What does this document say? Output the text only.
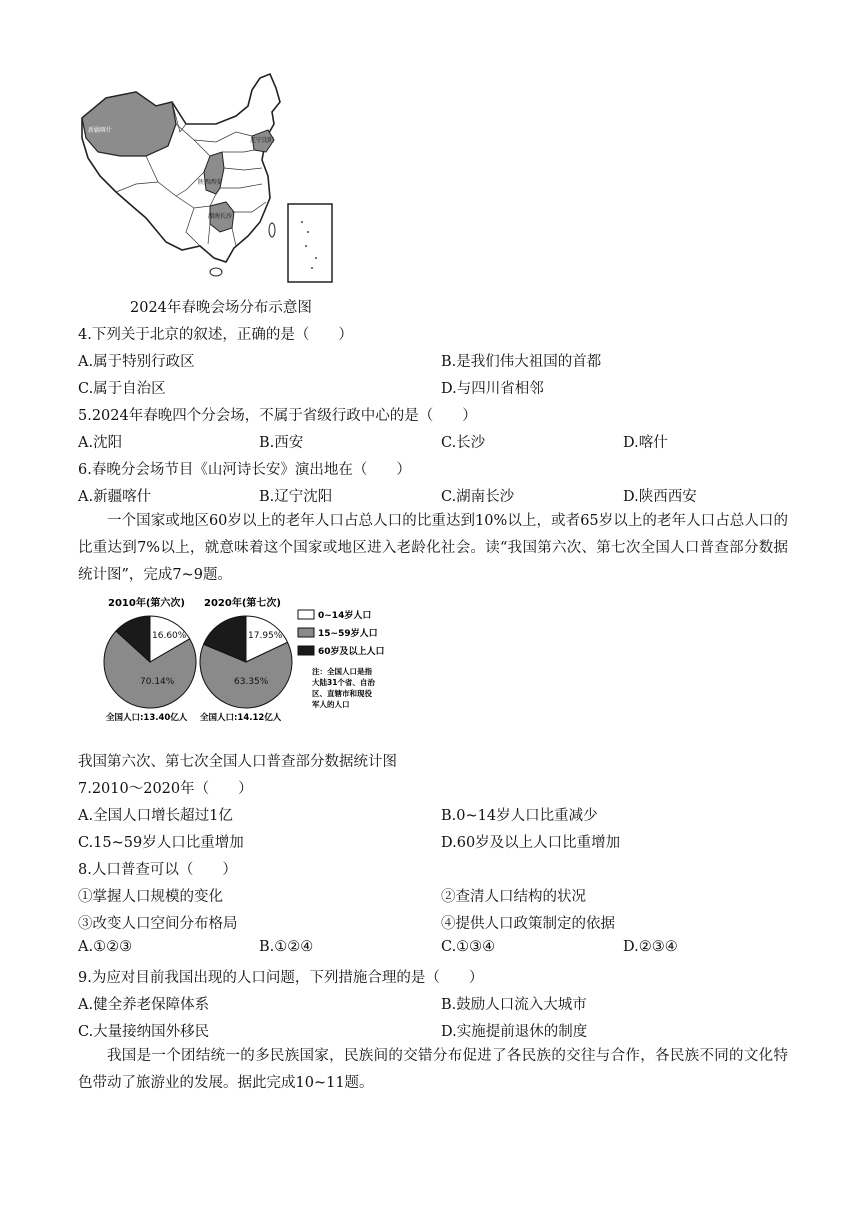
新疆喀什
辽宁沈阳
陕西西安
湖南长沙
2024年春晚会场分布示意图
4.下列关于北京的叙述，正确的是（　　）
A.属于特别行政区	B.是我们伟大祖国的首都
C.属于自治区	D.与四川省相邻
5.2024年春晚四个分会场，不属于省级行政中心的是（　　）
A.沈阳	B.西安	C.长沙	D.喀什
6.春晚分会场节目《山河诗长安》演出地在（　　）
A.新疆喀什	B.辽宁沈阳	C.湖南长沙	D.陕西西安
一个国家或地区60岁以上的老年人口占总人口的比重达到10%以上，或者65岁以上的老年人口占总人口的比重达到7%以上，就意味着这个国家或地区进入老龄化社会。读“我国第六次、第七次全国人口普查部分数据统计图”，完成7~9题。
2010年(第六次) 2020年(第七次)
16.60%
70.14%
17.95%
63.35%
0~14岁人口
15~59岁人口
60岁及以上人口
注：全国人口是指
大陆31个省、自治
区、直辖市和现役
军人的人口
全国人口:13.40亿人 全国人口:14.12亿人
我国第六次、第七次全国人口普查部分数据统计图
7.2010～2020年（　　）
A.全国人口增长超过1亿	B.0~14岁人口比重减少
C.15~59岁人口比重增加	D.60岁及以上人口比重增加
8.人口普查可以（　　）
①掌握人口规模的变化	②查清人口结构的状况
③改变人口空间分布格局	④提供人口政策制定的依据
A.①②③	B.①②④	C.①③④	D.②③④
9.为应对目前我国出现的人口问题，下列措施合理的是（　　）
A.健全养老保障体系	B.鼓励人口流入大城市
C.大量接纳国外移民	D.实施提前退休的制度
我国是一个团结统一的多民族国家，民族间的交错分布促进了各民族的交往与合作，各民族不同的文化特色带动了旅游业的发展。据此完成10~11题。
